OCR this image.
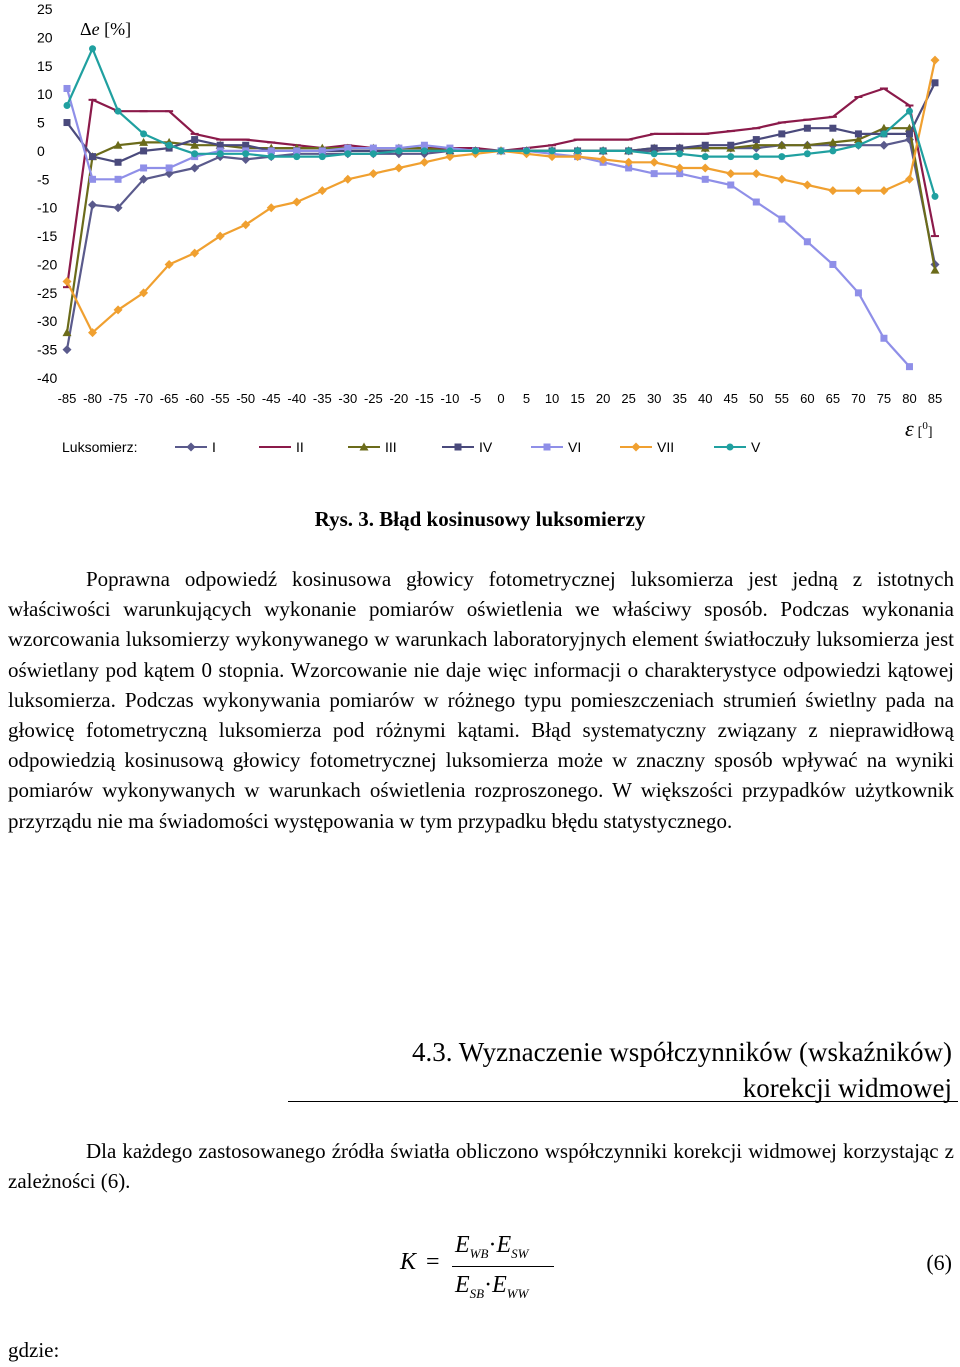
25
20
15
10
5
0
-5
-10
-15
-20
-25
-30
-35
-40
-85 -80 -75 -70 -65 -60 -55 -50 -45 -40 -35 -30 -25 -20 -15 -10 -5 0 5 10 15 20 25 30 35 40 45 50 55 60 65 70 75 80 85
Δe [%]
ε [$^0_]$
Luksomierz:	I	II	III	IV	VI	VII	V
Rys. 3. Błąd kosinusowy luksomierzy

Poprawna odpowiedź kosinusowa głowicy fotometrycznej luksomierza jest jedną z istotnych właściwości warunkujących wykonanie pomiarów oświetlenia we właściwy sposób. Podczas wykonania wzorcowania luksomierzy wykonywanego w warunkach laboratoryjnych element światłoczuły luksomierza jest oświetlany pod kątem 0 stopnia. Wzorcowanie nie daje więc informacji o charakterystyce odpowiedzi kątowej luksomierza. Podczas wykonywania pomiarów w różnego typu pomieszczeniach strumień świetlny pada na głowicę fotometryczną luksomierza pod różnymi kątami. Błąd systematyczny związany z nieprawidłową odpowiedzią kosinusową głowicy fotometrycznej luksomierza może w znaczny sposób wpływać na wyniki pomiarów wykonywanych w warunkach oświetlenia rozproszonego. W większości przypadków użytkownik przyrządu nie ma świadomości występowania w tym przypadku błędu statystycznego.

4.3. Wyznaczenie współczynników (wskaźników)
korekcji widmowej

Dla każdego zastosowanego źródła światła obliczono współczynniki korekcji widmowej korzystając z zależności (6).

K =
$E_{WB}\cdot E_{SW}$
$E_{SB}\cdot E_{WW}$
(6)
gdzie:
